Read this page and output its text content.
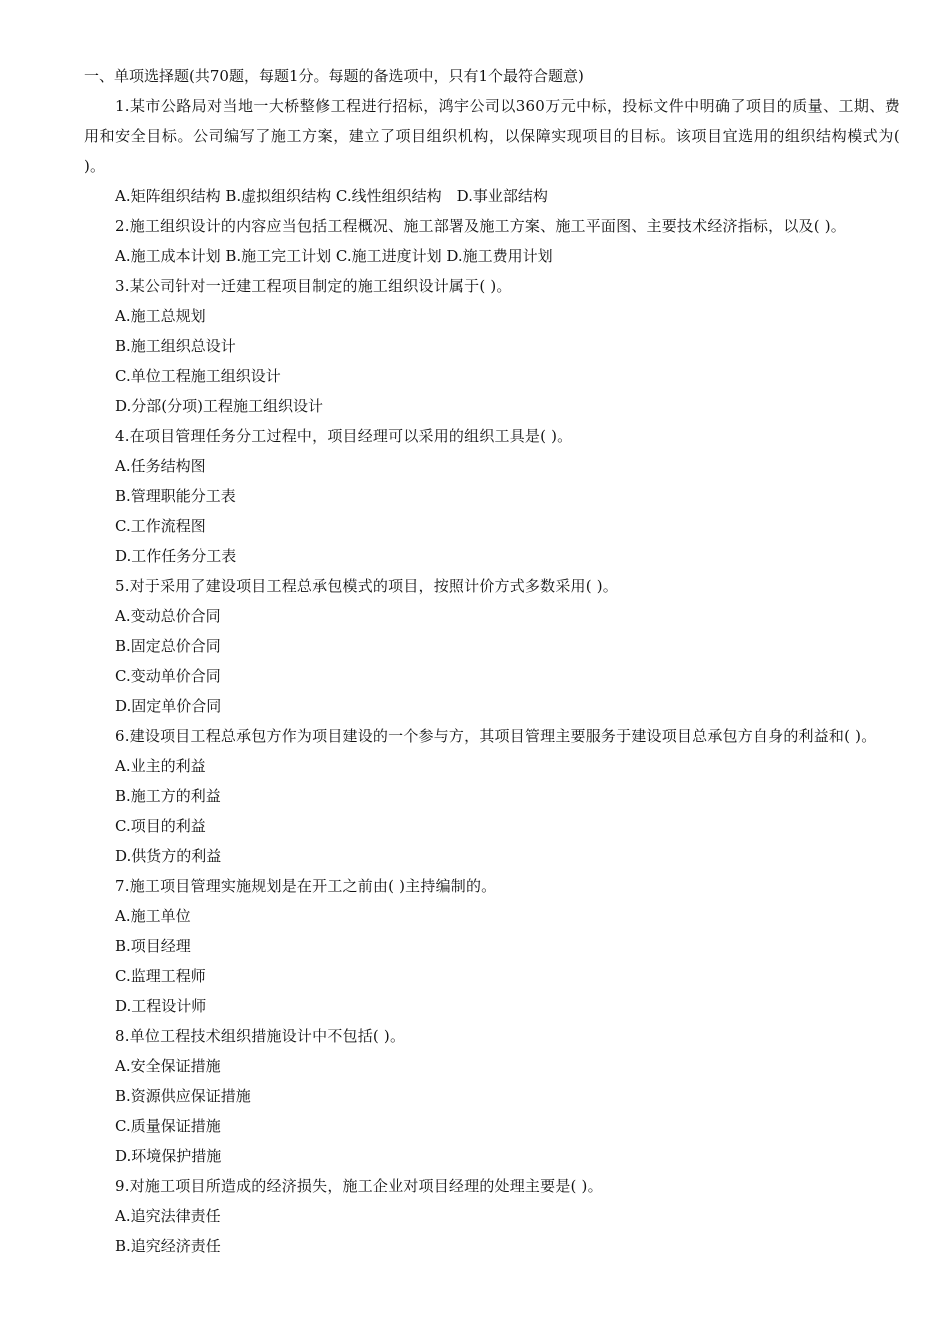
一、单项选择题(共70题，每题1分。每题的备选项中，只有1个最符合题意)

1.某市公路局对当地一大桥整修工程进行招标，鸿宇公司以360万元中标，投标文件中明确了项目的质量、工期、费用和安全目标。公司编写了施工方案，建立了项目组织机构，以保障实现项目的目标。该项目宜选用的组织结构模式为( )。

A.矩阵组织结构 B.虚拟组织结构 C.线性组织结构　D.事业部结构

2.施工组织设计的内容应当包括工程概况、施工部署及施工方案、施工平面图、主要技术经济指标，以及( )。

A.施工成本计划 B.施工完工计划 C.施工进度计划 D.施工费用计划

3.某公司针对一迁建工程项目制定的施工组织设计属于( )。

A.施工总规划

B.施工组织总设计

C.单位工程施工组织设计

D.分部(分项)工程施工组织设计

4.在项目管理任务分工过程中，项目经理可以采用的组织工具是( )。

A.任务结构图

B.管理职能分工表

C.工作流程图

D.工作任务分工表

5.对于采用了建设项目工程总承包模式的项目，按照计价方式多数采用( )。

A.变动总价合同

B.固定总价合同

C.变动单价合同

D.固定单价合同

6.建设项目工程总承包方作为项目建设的一个参与方，其项目管理主要服务于建设项目总承包方自身的利益和( )。

A.业主的利益

B.施工方的利益

C.项目的利益

D.供货方的利益

7.施工项目管理实施规划是在开工之前由( )主持编制的。

A.施工单位

B.项目经理

C.监理工程师

D.工程设计师

8.单位工程技术组织措施设计中不包括( )。

A.安全保证措施

B.资源供应保证措施

C.质量保证措施

D.环境保护措施

9.对施工项目所造成的经济损失，施工企业对项目经理的处理主要是( )。

A.追究法律责任

B.追究经济责任
